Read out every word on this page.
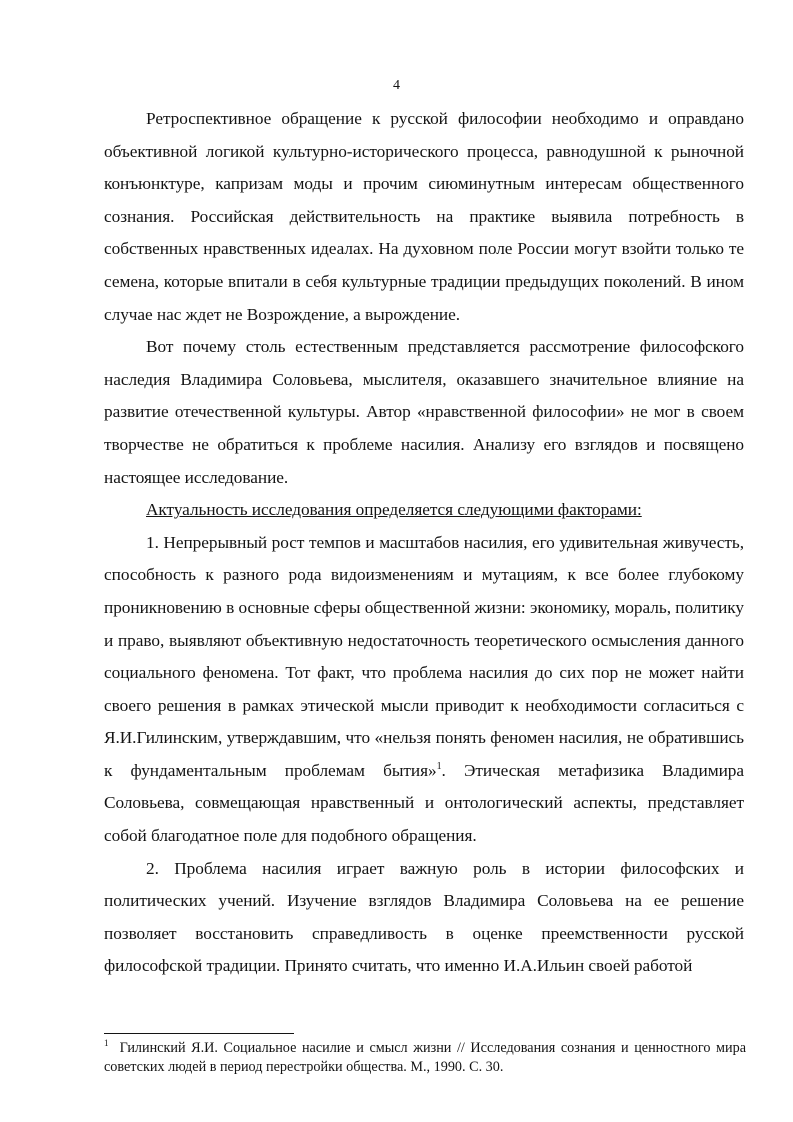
4

Ретроспективное обращение к русской философии необходимо и оправдано объективной логикой культурно-исторического процесса, равнодушной к рыночной конъюнктуре, капризам моды и прочим сиюминутным интересам общественного сознания. Российская действительность на практике выявила потребность в собственных нравственных идеалах. На духовном поле России могут взойти только те семена, которые впитали в себя культурные традиции предыдущих поколений. В ином случае нас ждет не Возрождение, а вырождение.

Вот почему столь естественным представляется рассмотрение философского наследия Владимира Соловьева, мыслителя, оказавшего значительное влияние на развитие отечественной культуры. Автор «нравственной философии» не мог в своем творчестве не обратиться к проблеме насилия. Анализу его взглядов и посвящено настоящее исследование.

Актуальность исследования определяется следующими факторами:

1. Непрерывный рост темпов и масштабов насилия, его удивительная живучесть, способность к разного рода видоизменениям и мутациям, к все более глубокому проникновению в основные сферы общественной жизни: экономику, мораль, политику и право, выявляют объективную недостаточность теоретического осмысления данного социального феномена. Тот факт, что проблема насилия до сих пор не может найти своего решения в рамках этической мысли приводит к необходимости согласиться с Я.И.Гилинским, утверждавшим, что «нельзя понять феномен насилия, не обратившись к фундаментальным проблемам бытия»$^1$. Этическая метафизика Владимира Соловьева, совмещающая нравственный и онтологический аспекты, представляет собой благодатное поле для подобного обращения.

2. Проблема насилия играет важную роль в истории философских и политических учений. Изучение взглядов Владимира Соловьева на ее решение позволяет восстановить справедливость в оценке преемственности русской философской традиции. Принято считать, что именно И.А.Ильин своей работой

$^1$ Гилинский Я.И. Социальное насилие и смысл жизни // Исследования сознания и ценностного мира советских людей в период перестройки общества. М., 1990. С. 30.
